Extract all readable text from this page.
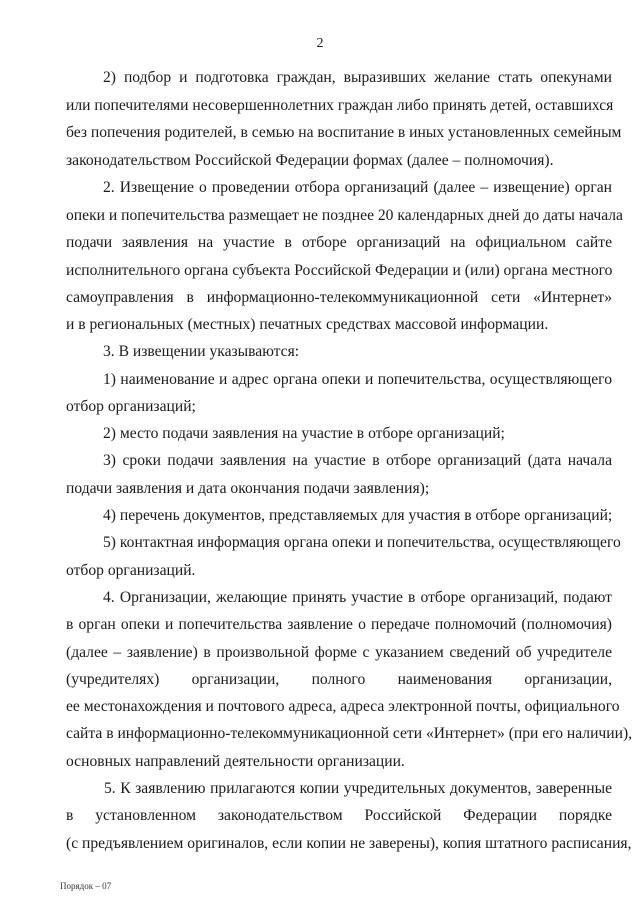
2
2) подбор и подготовка граждан, выразивших желание стать опекунами
или попечителями несовершеннолетних граждан либо принять детей, оставшихся
без попечения родителей, в семью на воспитание в иных установленных семейным
законодательством Российской Федерации формах (далее – полномочия).
2. Извещение о проведении отбора организаций (далее – извещение) орган
опеки и попечительства размещает не позднее 20 календарных дней до даты начала
подачи заявления на участие в отборе организаций на официальном сайте
исполнительного органа субъекта Российской Федерации и (или) органа местного
самоуправления в информационно-телекоммуникационной сети «Интернет»
и в региональных (местных) печатных средствах массовой информации.
3. В извещении указываются:
1) наименование и адрес органа опеки и попечительства, осуществляющего
отбор организаций;
2) место подачи заявления на участие в отборе организаций;
3) сроки подачи заявления на участие в отборе организаций (дата начала
подачи заявления и дата окончания подачи заявления);
4) перечень документов, представляемых для участия в отборе организаций;
5) контактная информация органа опеки и попечительства, осуществляющего
отбор организаций.
4. Организации, желающие принять участие в отборе организаций, подают
в орган опеки и попечительства заявление о передаче полномочий (полномочия)
(далее – заявление) в произвольной форме с указанием сведений об учредителе
(учредителях) организации, полного наименования организации,
ее местонахождения и почтового адреса, адреса электронной почты, официального
сайта в информационно-телекоммуникационной сети «Интернет» (при его наличии),
основных направлений деятельности организации.
5. К заявлению прилагаются копии учредительных документов, заверенные
в установленном законодательством Российской Федерации порядке
(с предъявлением оригиналов, если копии не заверены), копия штатного расписания,
Порядок – 07
